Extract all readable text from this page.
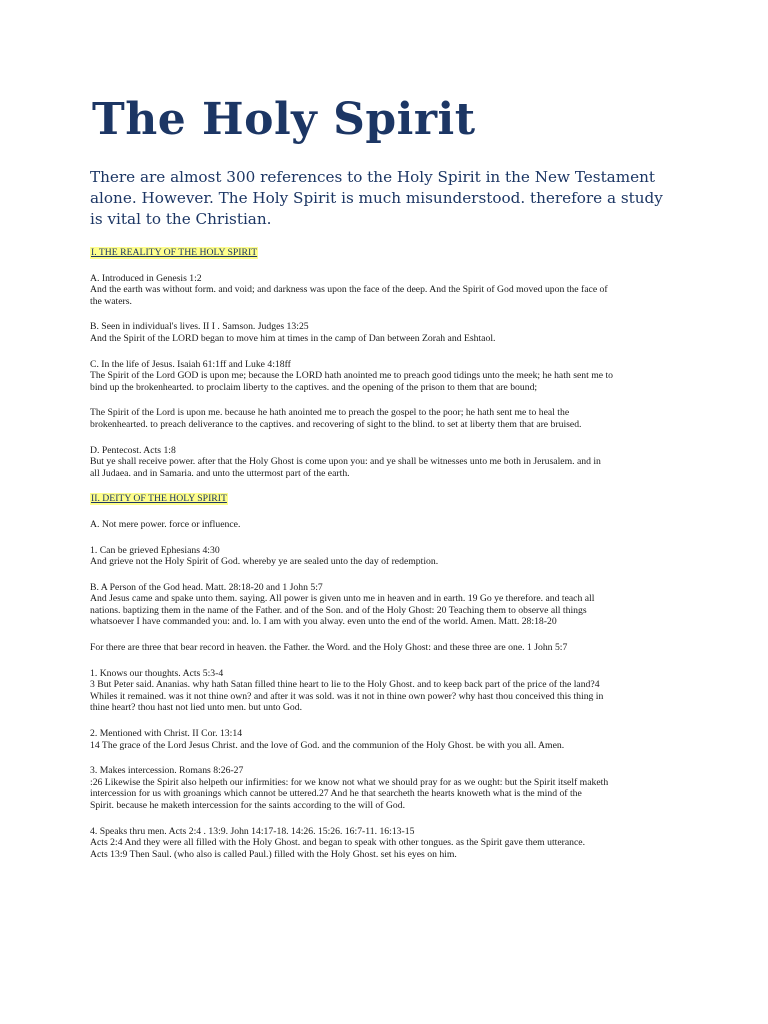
The Holy Spirit

There are almost 300 references to the Holy Spirit in the New Testament
alone. However. The Holy Spirit is much misunderstood. therefore a study
is vital to the Christian.

I. THE REALITY OF THE HOLY SPIRIT
A. Introduced in Genesis 1:2
And the earth was without form. and void; and darkness was upon the face of the deep. And the Spirit of God moved upon the face of
the waters.
B. Seen in individual's lives. II I . Samson. Judges 13:25
And the Spirit of the LORD began to move him at times in the camp of Dan between Zorah and Eshtaol.
C. In the life of Jesus. Isaiah 61:1ff and Luke 4:18ff
The Spirit of the Lord GOD is upon me; because the LORD hath anointed me to preach good tidings unto the meek; he hath sent me to
bind up the brokenhearted. to proclaim liberty to the captives. and the opening of the prison to them that are bound;
The Spirit of the Lord is upon me. because he hath anointed me to preach the gospel to the poor; he hath sent me to heal the
brokenhearted. to preach deliverance to the captives. and recovering of sight to the blind. to set at liberty them that are bruised.
D. Pentecost. Acts 1:8
But ye shall receive power. after that the Holy Ghost is come upon you: and ye shall be witnesses unto me both in Jerusalem. and in
all Judaea. and in Samaria. and unto the uttermost part of the earth.
II. DEITY OF THE HOLY SPIRIT
A. Not mere power. force or influence.
1. Can be grieved Ephesians 4:30
And grieve not the Holy Spirit of God. whereby ye are sealed unto the day of redemption.
B. A Person of the God head. Matt. 28:18-20 and 1 John 5:7
And Jesus came and spake unto them. saying. All power is given unto me in heaven and in earth. 19 Go ye therefore. and teach all
nations. baptizing them in the name of the Father. and of the Son. and of the Holy Ghost: 20 Teaching them to observe all things
whatsoever I have commanded you: and. lo. I am with you alway. even unto the end of the world. Amen. Matt. 28:18-20
For there are three that bear record in heaven. the Father. the Word. and the Holy Ghost: and these three are one. 1 John 5:7
1. Knows our thoughts. Acts 5:3-4
3 But Peter said. Ananias. why hath Satan filled thine heart to lie to the Holy Ghost. and to keep back part of the price of the land?4
Whiles it remained. was it not thine own? and after it was sold. was it not in thine own power? why hast thou conceived this thing in
thine heart? thou hast not lied unto men. but unto God.
2. Mentioned with Christ. II Cor. 13:14
14 The grace of the Lord Jesus Christ. and the love of God. and the communion of the Holy Ghost. be with you all. Amen.
3. Makes intercession. Romans 8:26-27
:26 Likewise the Spirit also helpeth our infirmities: for we know not what we should pray for as we ought: but the Spirit itself maketh
intercession for us with groanings which cannot be uttered.27 And he that searcheth the hearts knoweth what is the mind of the
Spirit. because he maketh intercession for the saints according to the will of God.
4. Speaks thru men. Acts 2:4 . 13:9. John 14:17-18. 14:26. 15:26. 16:7-11. 16:13-15
Acts 2:4 And they were all filled with the Holy Ghost. and began to speak with other tongues. as the Spirit gave them utterance.
Acts 13:9 Then Saul. (who also is called Paul.) filled with the Holy Ghost. set his eyes on him.
